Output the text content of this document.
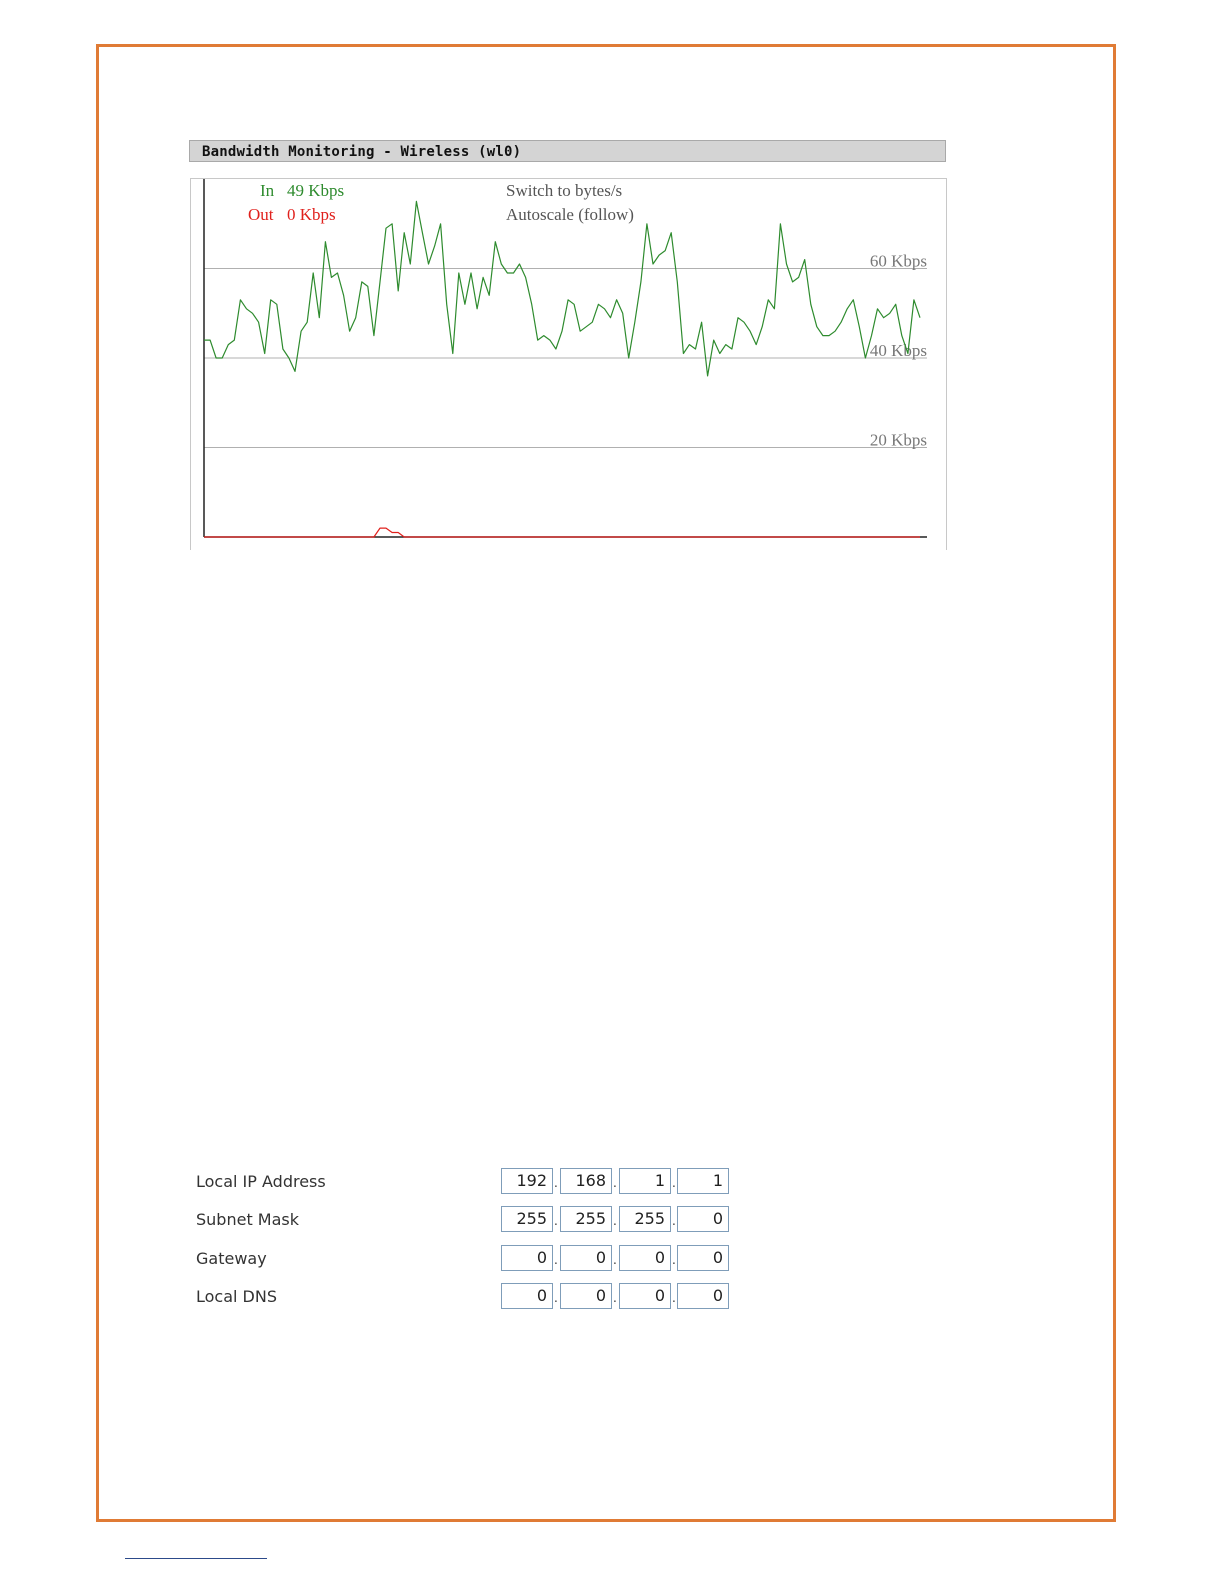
Bandwidth Monitoring - Wireless (wl0)
60 Kbps
40 Kbps
20 Kbps
In 49 Kbps
Out 0 Kbps
Switch to bytes/s
Autoscale (follow)
Local IP Address	192 .	168 .	1 .	1
Subnet Mask	255 .	255 .	255 .	0
Gateway	0 .	0 .	0 .	0
Local DNS	0 .	0 .	0 .	0
